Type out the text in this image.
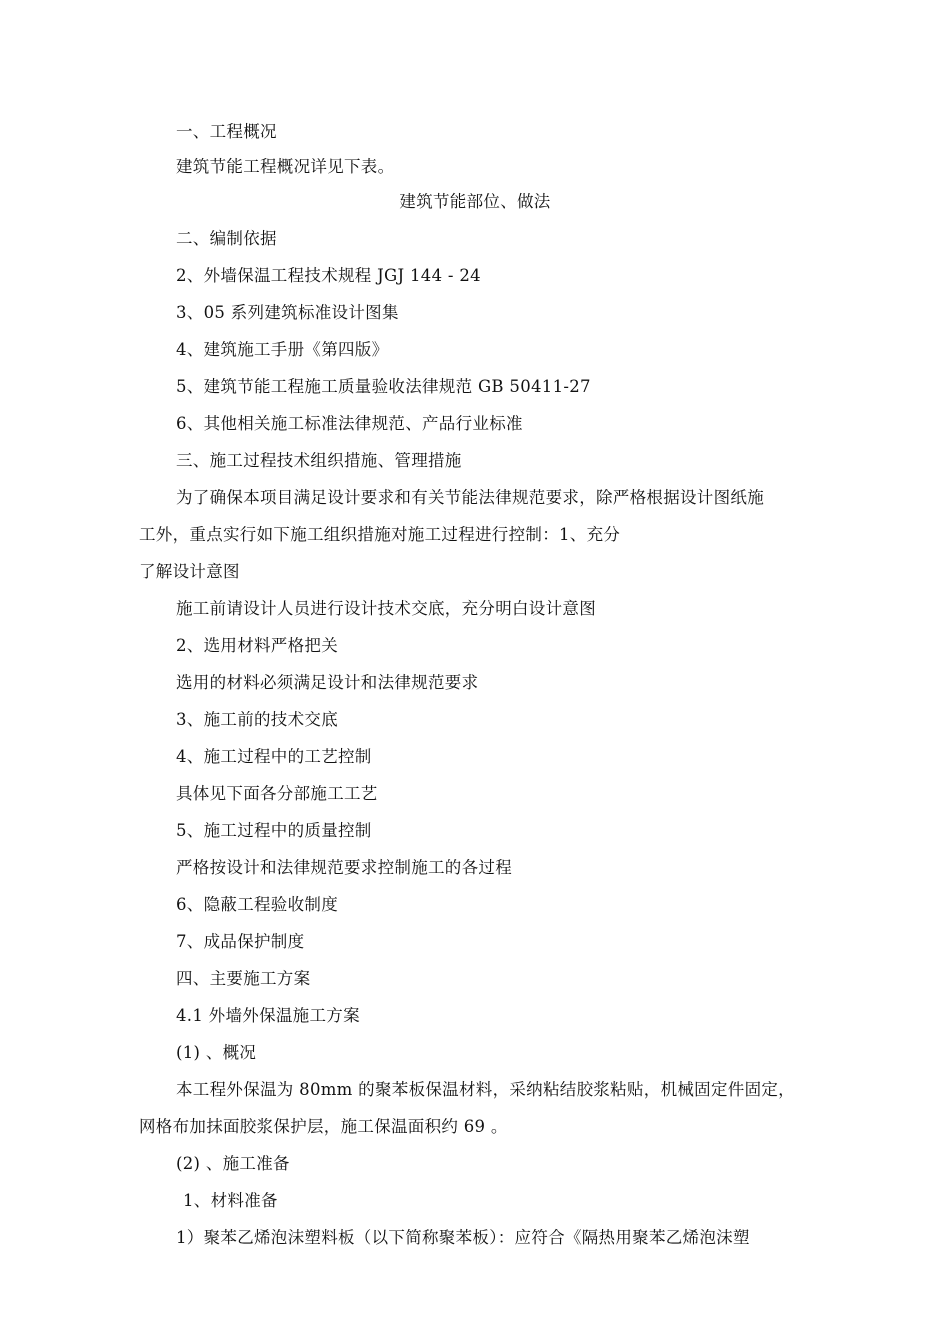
一、工程概况
建筑节能工程概况详见下表。
建筑节能部位、做法
二、编制依据
2、外墙保温工程技术规程 JGJ 144 - 24
3、05 系列建筑标准设计图集
4、建筑施工手册《第四版》
5、建筑节能工程施工质量验收法律规范 GB 50411-27
6、其他相关施工标准法律规范、产品行业标准
三、施工过程技术组织措施、管理措施
为了确保本项目满足设计要求和有关节能法律规范要求，除严格根据设计图纸施
工外，重点实行如下施工组织措施对施工过程进行控制：1、充分
了解设计意图
施工前请设计人员进行设计技术交底，充分明白设计意图
2、选用材料严格把关
选用的材料必须满足设计和法律规范要求
3、施工前的技术交底
4、施工过程中的工艺控制
具体见下面各分部施工工艺
5、施工过程中的质量控制
严格按设计和法律规范要求控制施工的各过程
6、隐蔽工程验收制度
7、成品保护制度
四、主要施工方案
4.1 外墙外保温施工方案
(1) 、概况
本工程外保温为 80mm 的聚苯板保温材料，采纳粘结胶浆粘贴，机械固定件固定，
网格布加抹面胶浆保护层，施工保温面积约 69 。
(2) 、施工准备
1、材料准备
1）聚苯乙烯泡沫塑料板（以下简称聚苯板）：应符合《隔热用聚苯乙烯泡沫塑
